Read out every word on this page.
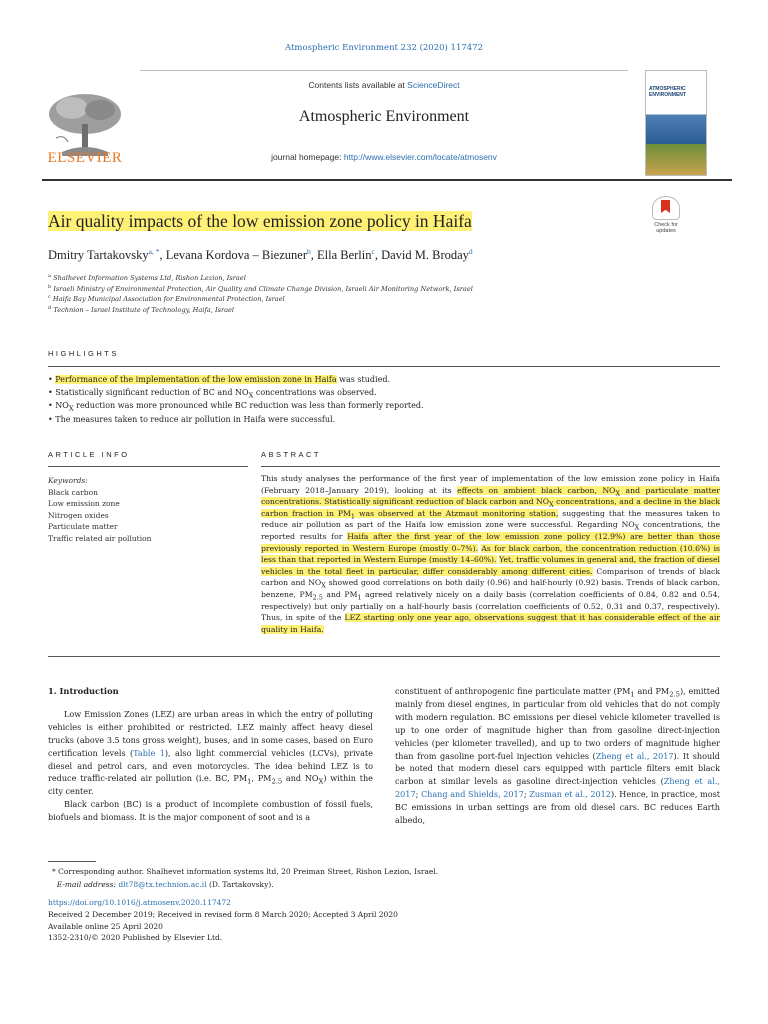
Atmospheric Environment 232 (2020) 117472
ELSEVIER
Contents lists available at ScienceDirect
Atmospheric Environment
journal homepage: http://www.elsevier.com/locate/atmosenv
ATMOSPHERIC ENVIRONMENT
Check for updates
Air quality impacts of the low emission zone policy in Haifa
Dmitry Tartakovsky$^{a, *}$, Levana Kordova – Biezuner$^b$, Ella Berlin$^c$, David M. Broday$^d$
$^a$ Shalhevet Information Systems Ltd, Rishon Lezion, Israel
$^b$ Israeli Ministry of Environmental Protection, Air Quality and Climate Change Division, Israeli Air Monitoring Network, Israel
$^c$ Haifa Bay Municipal Association for Environmental Protection, Israel
$^d$ Technion – Israel Institute of Technology, Haifa, Israel
HIGHLIGHTS
• Performance of the implementation of the low emission zone in Haifa was studied.
• Statistically significant reduction of BC and $NO_X$ concentrations was observed.
• $NO_X$ reduction was more pronounced while BC reduction was less than formerly reported.
• The measures taken to reduce air pollution in Haifa were successful.
ARTICLE INFO	ABSTRACT
Keywords:
Black carbon
Low emission zone
Nitrogen oxides
Particulate matter
Traffic related air pollution
This study analyses the performance of the first year of implementation of the low emission zone policy in Haifa (February 2018–January 2019), looking at its effects on ambient black carbon, $NO_X$ and particulate matter concentrations. Statistically significant reduction of black carbon and $NO_X$ concentrations, and a decline in the black carbon fraction in $PM_1$ was observed at the Atzmaut monitoring station, suggesting that the measures taken to reduce air pollution as part of the Haifa low emission zone were successful. Regarding $NO_X$ concentrations, the reported results for Haifa after the first year of the low emission zone policy (12.9%) are better than those previously reported in Western Europe (mostly 0–7%). As for black carbon, the concentration reduction (10.6%) is less than that reported in Western Europe (mostly 14–60%). Yet, traffic volumes in general and, the fraction of diesel vehicles in the total fleet in particular, differ considerably among different cities. Comparison of trends of black carbon and $NO_X$ showed good correlations on both daily (0.96) and half-hourly (0.92) basis. Trends of black carbon, benzene, $PM_{2.5}$ and $PM_1$ agreed relatively nicely on a daily basis (correlation coefficients of 0.84, 0.82 and 0.54, respectively) but only partially on a half-hourly basis (correlation coefficients of 0.52, 0.31 and 0.37, respectively). Thus, in spite of the LEZ starting only one year ago, observations suggest that it has considerable effect of the air quality in Haifa.
1. Introduction

Low Emission Zones (LEZ) are urban areas in which the entry of polluting vehicles is either prohibited or restricted. LEZ mainly affect heavy diesel trucks (above 3.5 tons gross weight), buses, and in some cases, based on Euro certification levels (Table 1), also light commercial vehicles (LCVs), private diesel and petrol cars, and even motorcycles. The idea behind LEZ is to reduce traffic-related air pollution (i.e. BC, $PM_1$, $PM_{2.5}$ and $NO_X$) within the city center.

Black carbon (BC) is a product of incomplete combustion of fossil fuels, biofuels and biomass. It is the major component of soot and is a

constituent of anthropogenic fine particulate matter ($PM_1$ and $PM_{2.5}$), emitted mainly from diesel engines, in particular from old vehicles that do not comply with modern regulation. BC emissions per diesel vehicle kilometer travelled is up to one order of magnitude higher than from gasoline direct-injection vehicles (per kilometer travelled), and up to two orders of magnitude higher than from gasoline port-fuel injection vehicles (Zheng et al., 2017). It should be noted that modern diesel cars equipped with particle filters emit black carbon at similar levels as gasoline direct-injection vehicles (Zheng et al., 2017; Chang and Shields, 2017; Zusman et al., 2012). Hence, in practice, most BC emissions in urban settings are from old diesel cars. BC reduces Earth albedo,

* Corresponding author. Shalhevet information systems ltd, 20 Preiman Street, Rishon Lezion, Israel.
E-mail address: dlt78@tx.technion.ac.il (D. Tartakovsky).
https://doi.org/10.1016/j.atmosenv.2020.117472
Received 2 December 2019; Received in revised form 8 March 2020; Accepted 3 April 2020
Available online 25 April 2020
1352-2310/© 2020 Published by Elsevier Ltd.
